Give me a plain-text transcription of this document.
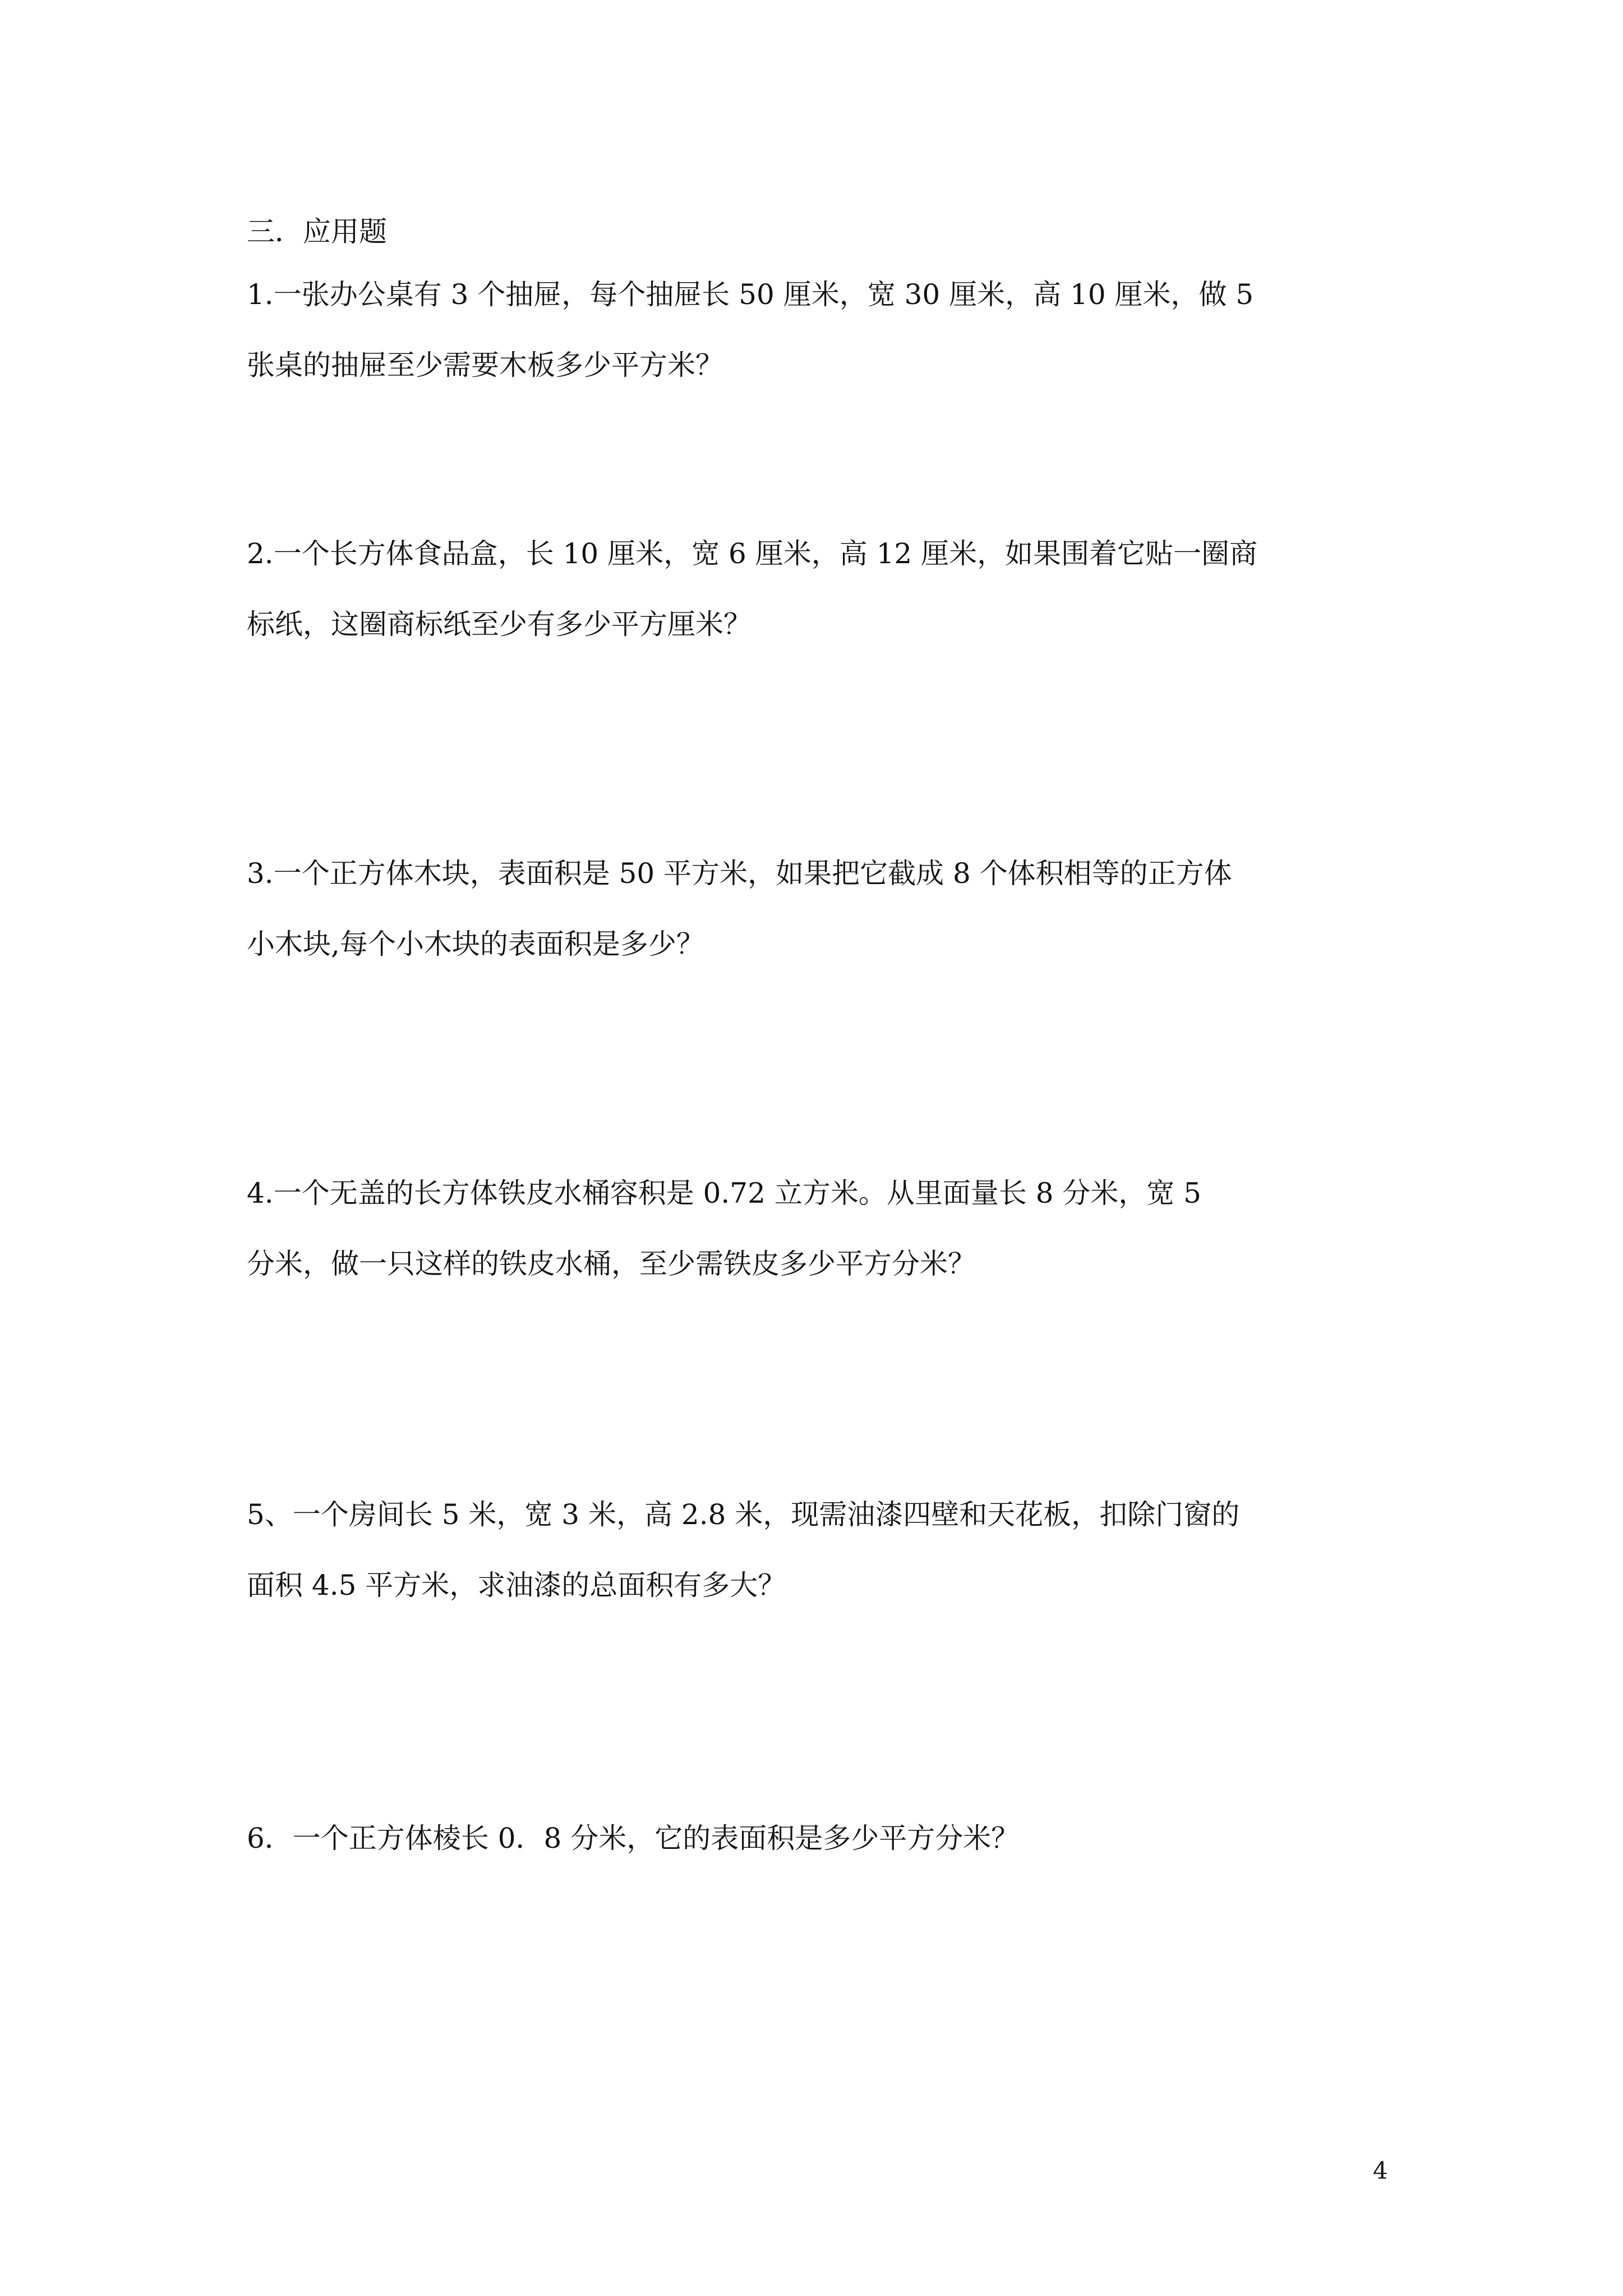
三．应用题
1.一张办公桌有 3 个抽屉，每个抽屉长 50 厘米，宽 30 厘米，高 10 厘米，做 5
张桌的抽屉至少需要木板多少平方米？
2.一个长方体食品盒，长 10 厘米，宽 6 厘米，高 12 厘米，如果围着它贴一圈商
标纸，这圈商标纸至少有多少平方厘米？
3.一个正方体木块，表面积是 50 平方米，如果把它截成 8 个体积相等的正方体
小木块,每个小木块的表面积是多少？
4.一个无盖的长方体铁皮水桶容积是 0.72 立方米。从里面量长 8 分米，宽 5
分米，做一只这样的铁皮水桶，至少需铁皮多少平方分米？
5、一个房间长 5 米，宽 3 米，高 2.8 米，现需油漆四壁和天花板，扣除门窗的
面积 4.5 平方米，求油漆的总面积有多大？
6．一个正方体棱长 0．8 分米，它的表面积是多少平方分米？
4
